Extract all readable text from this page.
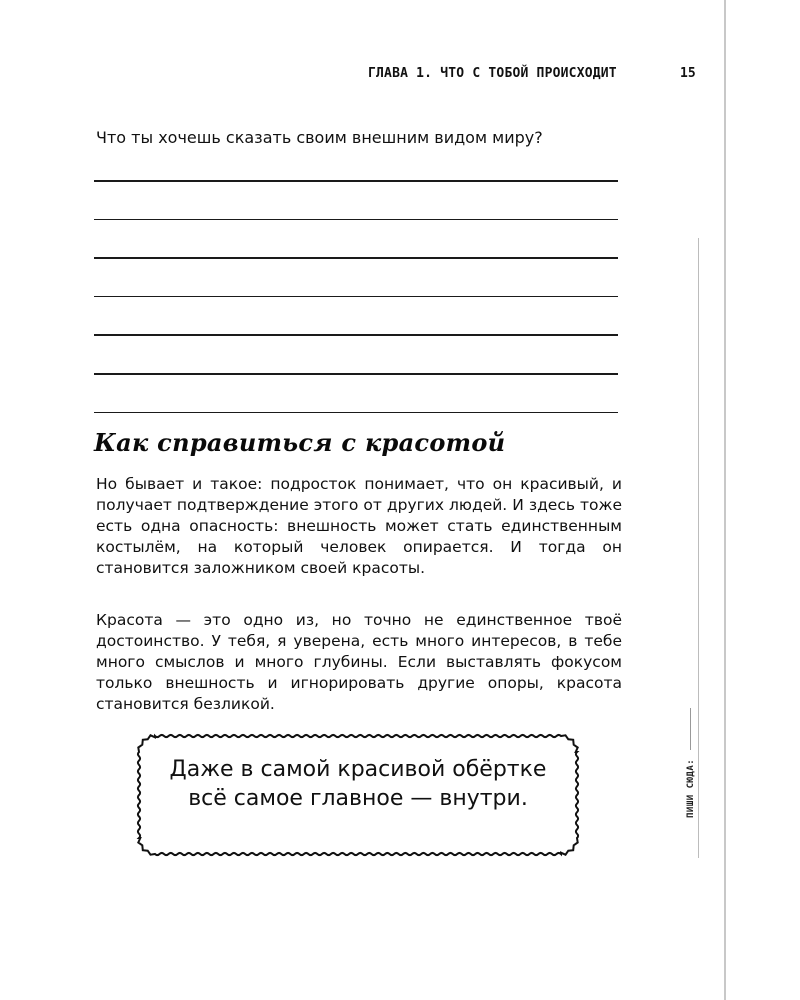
ПИШИ СЮДА:
ГЛАВА 1. ЧТО С ТОБОЙ ПРОИСХОДИТ	15
Что ты хочешь сказать своим внешним видом миру?
Как справиться с красотой
Но бывает и такое: подросток понимает, что он красивый, и получает подтверждение этого от других людей. И здесь тоже есть одна опасность: внешность может стать единственным костылём, на который человек опирается. И тогда он становится заложником своей красоты.
Красота — это одно из, но точно не единственное твоё достоинство. У тебя, я уверена, есть много интересов, в тебе много смыслов и много глубины. Если выставлять фокусом только внешность и игнорировать другие опоры, красота становится безликой.
Даже в самой красивой обёртке всё самое главное — внутри.
